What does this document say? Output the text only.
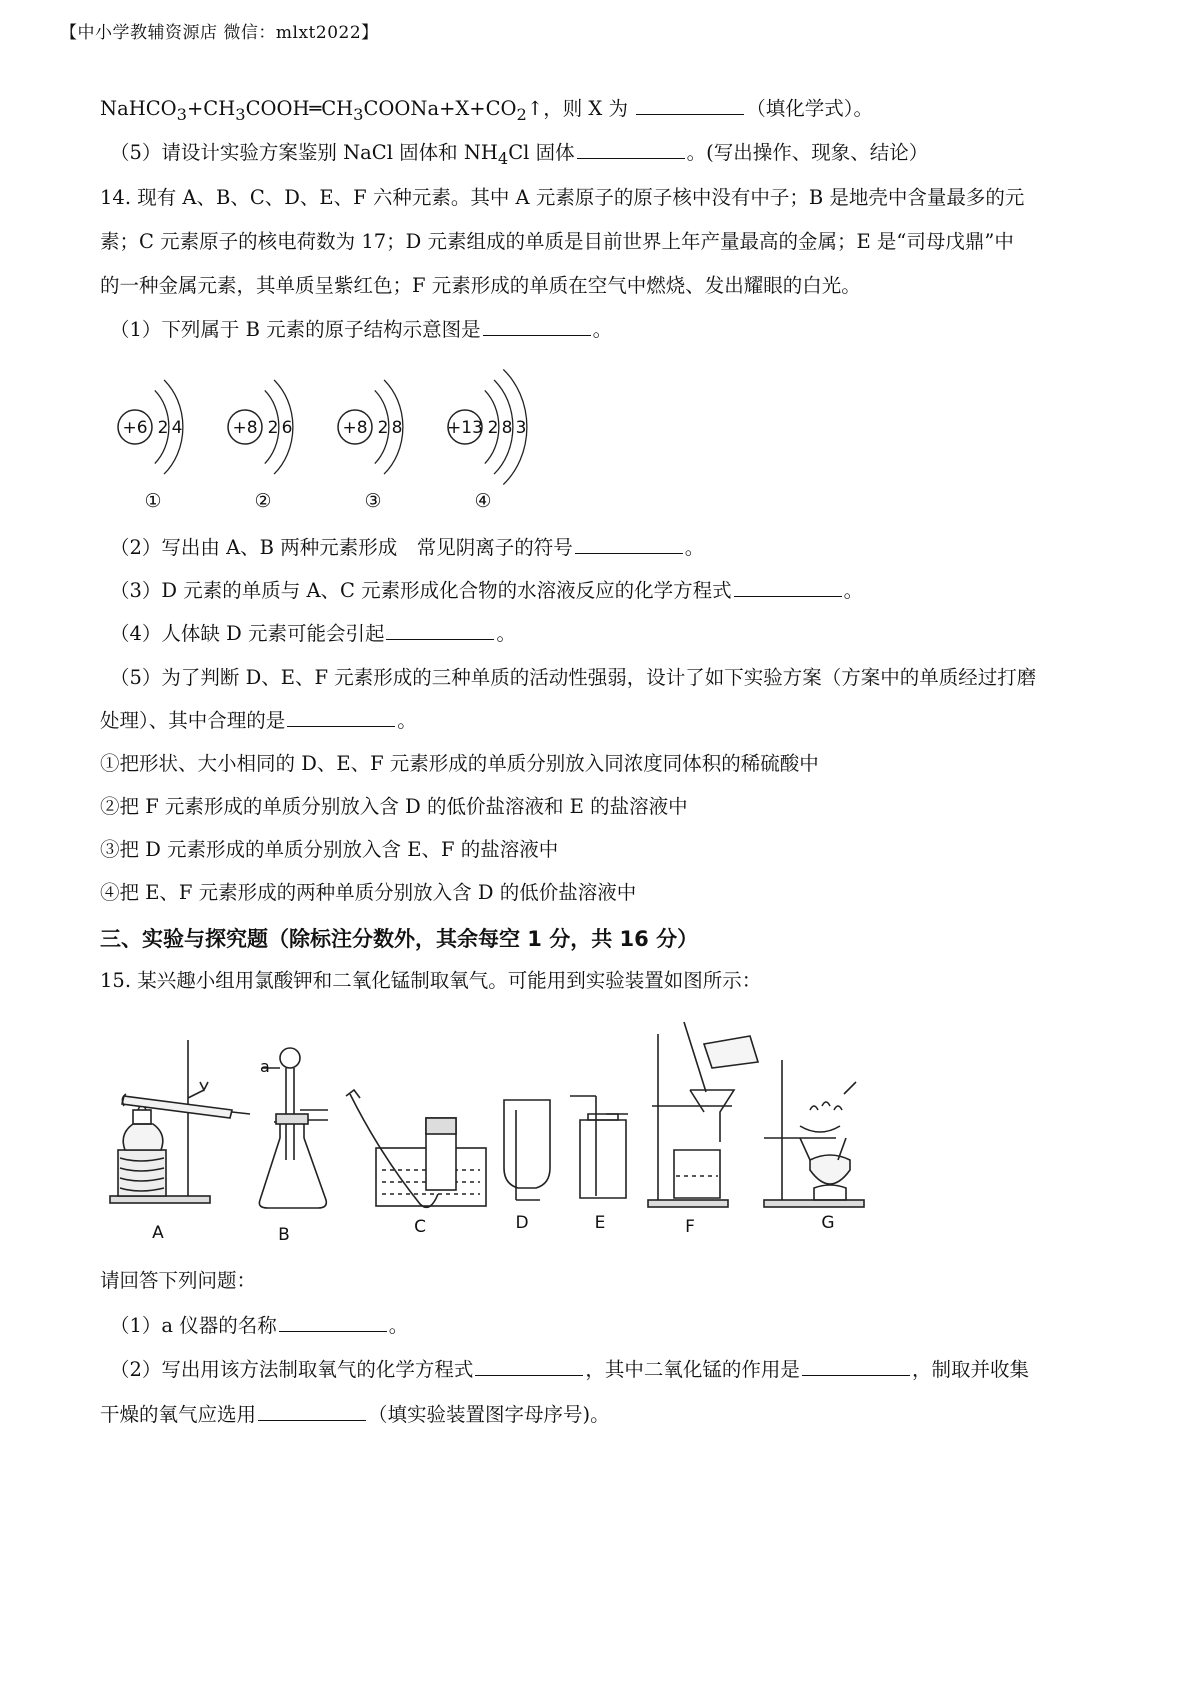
【中小学教辅资源店 微信：mlxt2022】
$NaHCO_3+CH_3COOH═CH_3COONa+X+CO_2↑$，则 X 为	（填化学式）。
（5）请设计实验方案鉴别 NaCl 固体和 $NH_4Cl$ 固体	。(写出操作、现象、结论）
14. 现有 A、B、C、D、E、F 六种元素。其中 A 元素原子的原子核中没有中子；B 是地壳中含量最多的元
素；C 元素原子的核电荷数为 17；D 元素组成的单质是目前世界上年产量最高的金属；E 是“司母戊鼎”中
的一种金属元素，其单质呈紫红色；F 元素形成的单质在空气中燃烧、发出耀眼的白光。
（1）下列属于 B 元素的原子结构示意图是	。
+6 2 4
①
+8 2 6
②
+8 2 8
③
+13 2 8 3
④
（2）写出由 A、B 两种元素形成　常见阴离子的符号	。
（3）D 元素的单质与 A、C 元素形成化合物的水溶液反应的化学方程式	。
（4）人体缺 D 元素可能会引起	。
（5）为了判断 D、E、F 元素形成的三种单质的活动性强弱，设计了如下实验方案（方案中的单质经过打磨
处理）、其中合理的是	。
①把形状、大小相同的 D、E、F 元素形成的单质分别放入同浓度同体积的稀硫酸中
②把 F 元素形成的单质分别放入含 D 的低价盐溶液和 E 的盐溶液中
③把 D 元素形成的单质分别放入含 E、F 的盐溶液中
④把 E、F 元素形成的两种单质分别放入含 D 的低价盐溶液中
三、实验与探究题（除标注分数外，其余每空 1 分，共 16 分）
15. 某兴趣小组用氯酸钾和二氧化锰制取氧气。可能用到实验装置如图所示：
A	B	C	D	E	F	G
a
请回答下列问题：
（1）a 仪器的名称	。
（2）写出用该方法制取氧气的化学方程式	，其中二氧化锰的作用是	，制取并收集
干燥的氧气应选用	（填实验装置图字母序号)。
